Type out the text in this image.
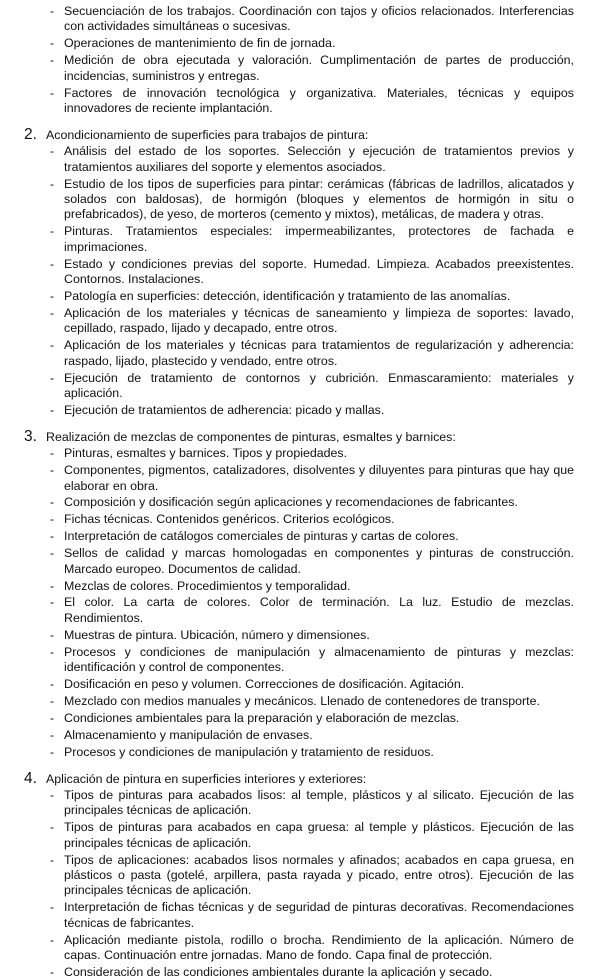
- Secuenciación de los trabajos. Coordinación con tajos y oficios relacionados. Interferencias con actividades simultáneas o sucesivas.
- Operaciones de mantenimiento de fin de jornada.
- Medición de obra ejecutada y valoración. Cumplimentación de partes de producción, incidencias, suministros y entregas.
- Factores de innovación tecnológica y organizativa. Materiales, técnicas y equipos innovadores de reciente implantación.
2. Acondicionamiento de superficies para trabajos de pintura:
- Análisis del estado de los soportes. Selección y ejecución de tratamientos previos y tratamientos auxiliares del soporte y elementos asociados.
- Estudio de los tipos de superficies para pintar: cerámicas (fábricas de ladrillos, alicatados y solados con baldosas), de hormigón (bloques y elementos de hormigón in situ o prefabricados), de yeso, de morteros (cemento y mixtos), metálicas, de madera y otras.
- Pinturas. Tratamientos especiales: impermeabilizantes, protectores de fachada e imprimaciones.
- Estado y condiciones previas del soporte. Humedad. Limpieza. Acabados preexistentes. Contornos. Instalaciones.
- Patología en superficies: detección, identificación y tratamiento de las anomalías.
- Aplicación de los materiales y técnicas de saneamiento y limpieza de soportes: lavado, cepillado, raspado, lijado y decapado, entre otros.
- Aplicación de los materiales y técnicas para tratamientos de regularización y adherencia: raspado, lijado, plastecido y vendado, entre otros.
- Ejecución de tratamiento de contornos y cubrición. Enmascaramiento: materiales y aplicación.
- Ejecución de tratamientos de adherencia: picado y mallas.
3. Realización de mezclas de componentes de pinturas, esmaltes y barnices:
- Pinturas, esmaltes y barnices. Tipos y propiedades.
- Componentes, pigmentos, catalizadores, disolventes y diluyentes para pinturas que hay que elaborar en obra.
- Composición y dosificación según aplicaciones y recomendaciones de fabricantes.
- Fichas técnicas. Contenidos genéricos. Criterios ecológicos.
- Interpretación de catálogos comerciales de pinturas y cartas de colores.
- Sellos de calidad y marcas homologadas en componentes y pinturas de construcción. Marcado europeo. Documentos de calidad.
- Mezclas de colores. Procedimientos y temporalidad.
- El color. La carta de colores. Color de terminación. La luz. Estudio de mezclas. Rendimientos.
- Muestras de pintura. Ubicación, número y dimensiones.
- Procesos y condiciones de manipulación y almacenamiento de pinturas y mezclas: identificación y control de componentes.
- Dosificación en peso y volumen. Correcciones de dosificación. Agitación.
- Mezclado con medios manuales y mecánicos. Llenado de contenedores de transporte.
- Condiciones ambientales para la preparación y elaboración de mezclas.
- Almacenamiento y manipulación de envases.
- Procesos y condiciones de manipulación y tratamiento de residuos.
4. Aplicación de pintura en superficies interiores y exteriores:
- Tipos de pinturas para acabados lisos: al temple, plásticos y al silicato. Ejecución de las principales técnicas de aplicación.
- Tipos de pinturas para acabados en capa gruesa: al temple y plásticos. Ejecución de las principales técnicas de aplicación.
- Tipos de aplicaciones: acabados lisos normales y afinados; acabados en capa gruesa, en plásticos o pasta (gotelé, arpillera, pasta rayada y picado, entre otros). Ejecución de las principales técnicas de aplicación.
- Interpretación de fichas técnicas y de seguridad de pinturas decorativas. Recomendaciones técnicas de fabricantes.
- Aplicación mediante pistola, rodillo o brocha. Rendimiento de la aplicación. Número de capas. Continuación entre jornadas. Mano de fondo. Capa final de protección.
- Consideración de las condiciones ambientales durante la aplicación y secado.
